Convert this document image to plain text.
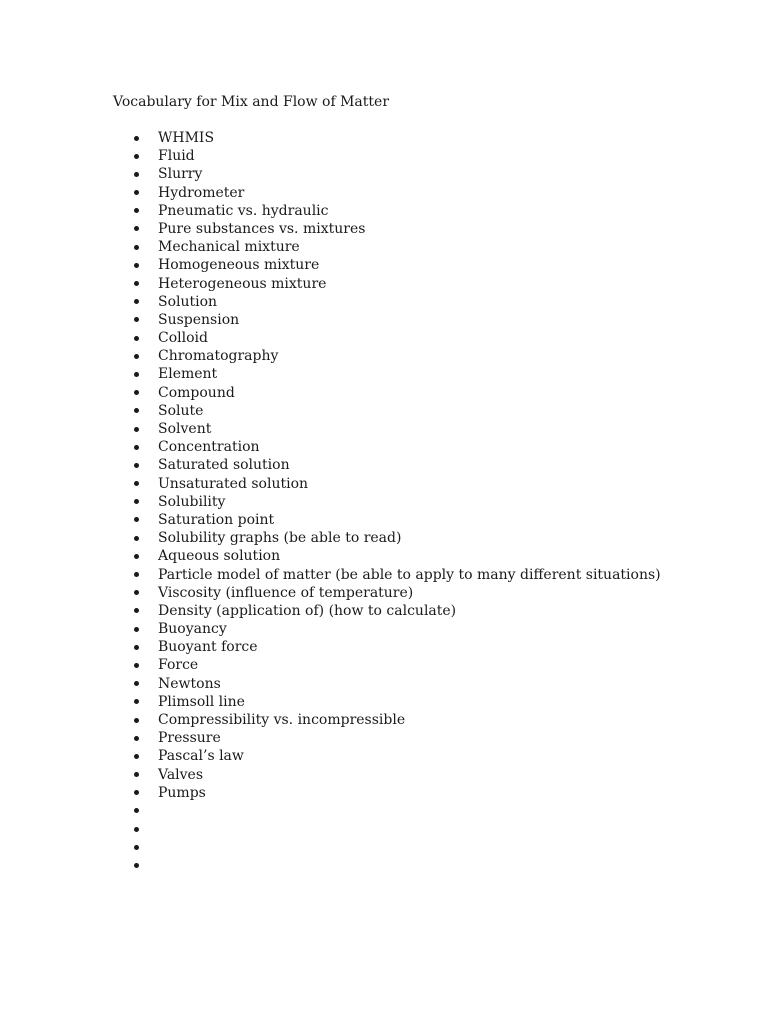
Vocabulary for Mix and Flow of Matter
WHMIS
Fluid
Slurry
Hydrometer
Pneumatic vs. hydraulic
Pure substances vs. mixtures
Mechanical mixture
Homogeneous mixture
Heterogeneous mixture
Solution
Suspension
Colloid
Chromatography
Element
Compound
Solute
Solvent
Concentration
Saturated solution
Unsaturated solution
Solubility
Saturation point
Solubility graphs (be able to read)
Aqueous solution
Particle model of matter (be able to apply to many different situations)
Viscosity (influence of temperature)
Density (application of) (how to calculate)
Buoyancy
Buoyant force
Force
Newtons
Plimsoll line
Compressibility vs. incompressible
Pressure
Pascal’s law
Valves
Pumps
